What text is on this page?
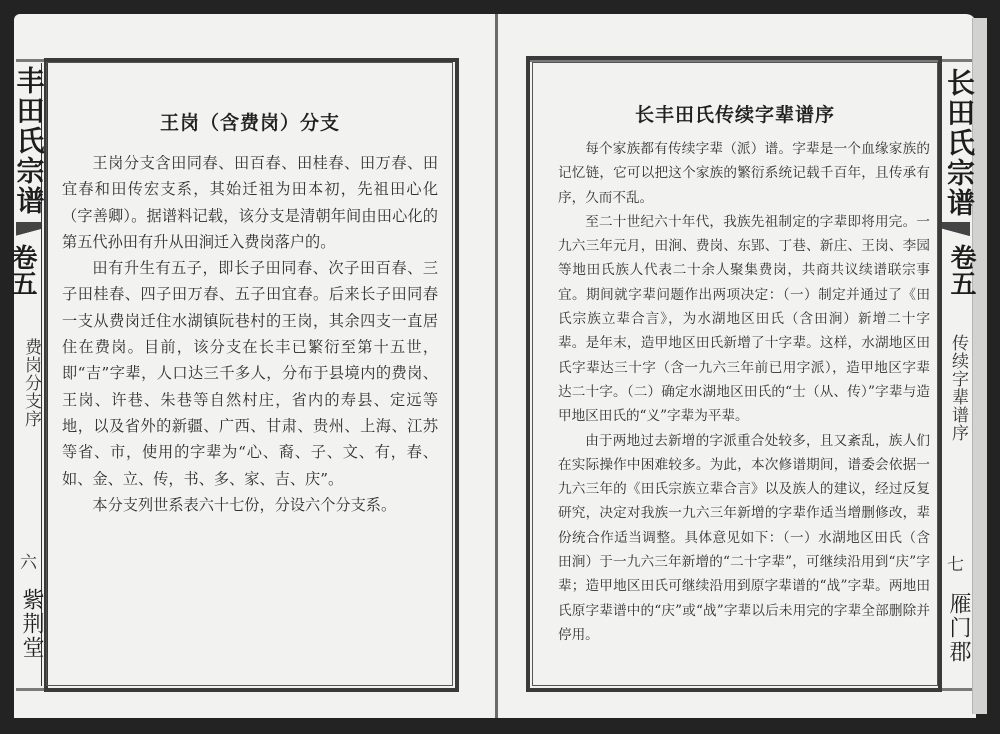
丰田氏宗谱
卷五
费岗分支序
六
紫荆堂
王岗（含费岗）分支

王岗分支含田同春、田百春、田桂春、田万春、田宜春和田传宏支系，其始迁祖为田本初，先祖田心化（字善卿）。据谱料记载，该分支是清朝年间由田心化的第五代孙田有升从田涧迁入费岗落户的。

田有升生有五子，即长子田同春、次子田百春、三子田桂春、四子田万春、五子田宜春。后来长子田同春一支从费岗迁住水湖镇阮巷村的王岗，其余四支一直居住在费岗。目前，该分支在长丰已繁衍至第十五世，即“吉”字辈，人口达三千多人，分布于县境内的费岗、王岗、许巷、朱巷等自然村庄，省内的寿县、定远等地，以及省外的新疆、广西、甘肃、贵州、上海、江苏等省、市，使用的字辈为“心、裔、子、文、有，春、如、金、立、传，书、多、家、吉、庆”。

本分支列世系表六十七份，分设六个分支系。

长田氏宗谱
卷五
传续字辈谱序
七
雁门郡
长丰田氏传续字辈谱序

每个家族都有传续字辈（派）谱。字辈是一个血缘家族的记忆链，它可以把这个家族的繁衍系统记载千百年，且传承有序，久而不乱。

至二十世纪六十年代，我族先祖制定的字辈即将用完。一九六三年元月，田涧、费岗、东郢、丁巷、新庄、王岗、李园等地田氏族人代表二十余人聚集费岗，共商共议续谱联宗事宜。期间就字辈问题作出两项决定：（一）制定并通过了《田氏宗族立辈合言》，为水湖地区田氏（含田涧）新增二十字辈。是年末，造甲地区田氏新增了十字辈。这样，水湖地区田氏字辈达三十字（含一九六三年前已用字派），造甲地区字辈达二十字。（二）确定水湖地区田氏的“士（从、传）”字辈与造甲地区田氏的“义”字辈为平辈。

由于两地过去新增的字派重合处较多，且又紊乱，族人们在实际操作中困难较多。为此，本次修谱期间，谱委会依据一九六三年的《田氏宗族立辈合言》以及族人的建议，经过反复研究，决定对我族一九六三年新增的字辈作适当增删修改，辈份统合作适当调整。具体意见如下：（一）水湖地区田氏（含田涧）于一九六三年新增的“二十字辈”，可继续沿用到“庆”字辈；造甲地区田氏可继续沿用到原字辈谱的“战”字辈。两地田氏原字辈谱中的“庆”或“战”字辈以后未用完的字辈全部删除并停用。
